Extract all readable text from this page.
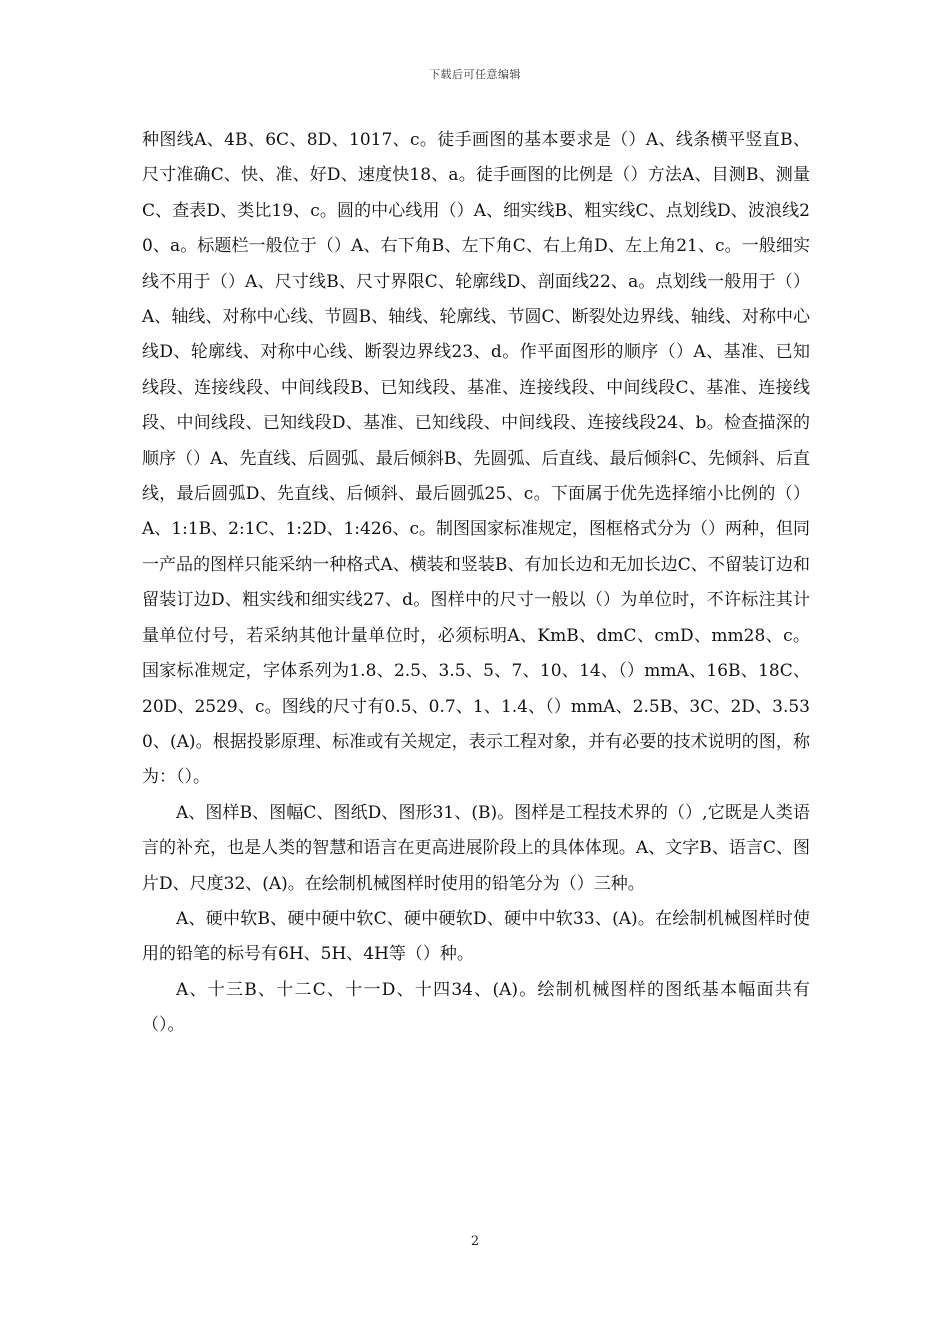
下载后可任意编辑

种图线A、4B、6C、8D、1017、c。徒手画图的基本要求是（）A、线条横平竖直B、尺寸准确C、快、准、好D、速度快18、a。徒手画图的比例是（）方法A、目测B、测量C、查表D、类比19、c。圆的中心线用（）A、细实线B、粗实线C、点划线D、波浪线20、a。标题栏一般位于（）A、右下角B、左下角C、右上角D、左上角21、c。一般细实线不用于（）A、尺寸线B、尺寸界限C、轮廓线D、剖面线22、a。点划线一般用于（）A、轴线、对称中心线、节圆B、轴线、轮廓线、节圆C、断裂处边界线、轴线、对称中心线D、轮廓线、对称中心线、断裂边界线23、d。作平面图形的顺序（）A、基准、已知线段、连接线段、中间线段B、已知线段、基准、连接线段、中间线段C、基准、连接线段、中间线段、已知线段D、基准、已知线段、中间线段、连接线段24、b。检查描深的顺序（）A、先直线、后圆弧、最后倾斜B、先圆弧、后直线、最后倾斜C、先倾斜、后直线，最后圆弧D、先直线、后倾斜、最后圆弧25、c。下面属于优先选择缩小比例的（）A、1:1B、2:1C、1:2D、1:426、c。制图国家标准规定，图框格式分为（）两种，但同一产品的图样只能采纳一种格式A、横装和竖装B、有加长边和无加长边C、不留装订边和留装订边D、粗实线和细实线27、d。图样中的尺寸一般以（）为单位时，不许标注其计量单位付号，若采纳其他计量单位时，必须标明A、KmB、dmC、cmD、mm28、c。国家标准规定，字体系列为1.8、2.5、3.5、5、7、10、14、（）mmA、16B、18C、20D、2529、c。图线的尺寸有0.5、0.7、1、1.4、（）mmA、2.5B、3C、2D、3.530、(A)。根据投影原理、标准或有关规定，表示工程对象，并有必要的技术说明的图，称为：（）。

A、图样B、图幅C、图纸D、图形31、(B)。图样是工程技术界的（）,它既是人类语言的补充，也是人类的智慧和语言在更高进展阶段上的具体体现。A、文字B、语言C、图片D、尺度32、(A)。在绘制机械图样时使用的铅笔分为（）三种。

A、硬中软B、硬中硬中软C、硬中硬软D、硬中中软33、(A)。在绘制机械图样时使用的铅笔的标号有6H、5H、4H等（）种。

A、十三B、十二C、十一D、十四34、(A)。绘制机械图样的图纸基本幅面共有（）。

2
